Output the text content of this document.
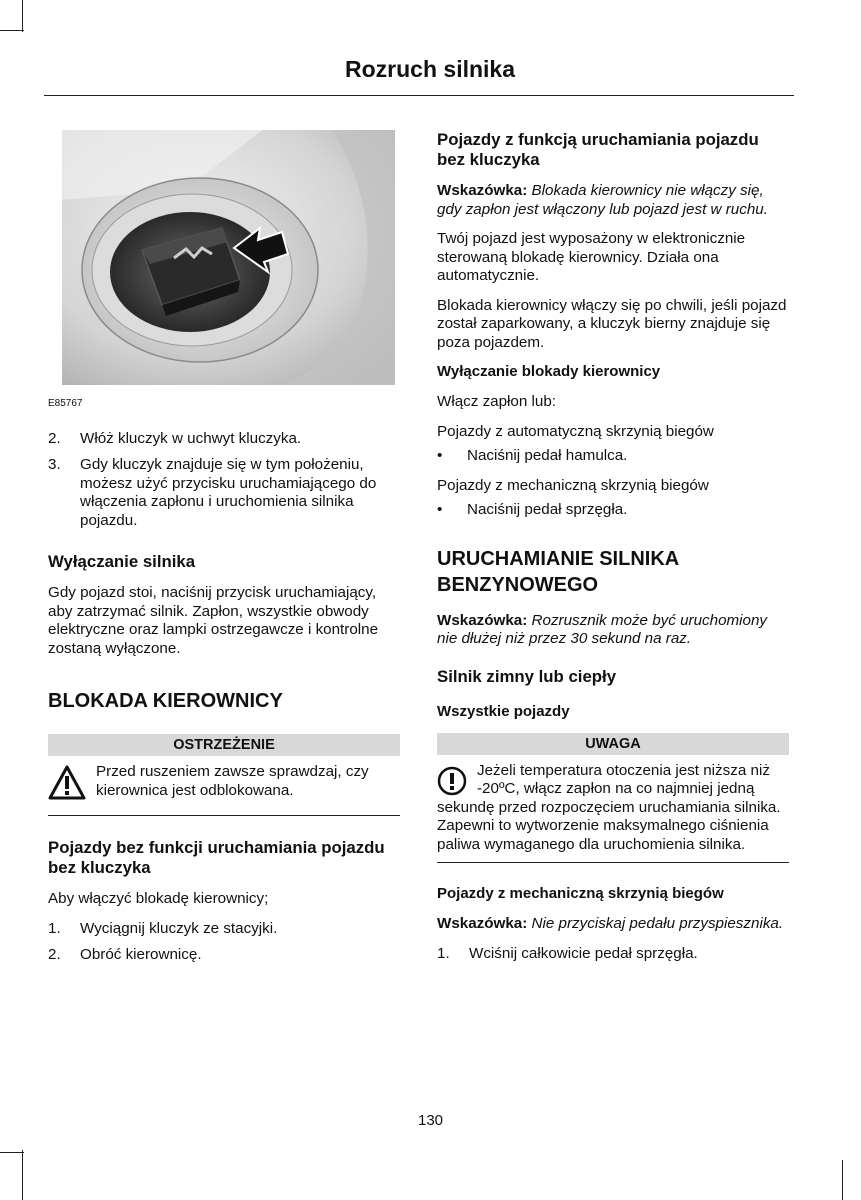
Rozruch silnika
E85767
2. Włóż kluczyk w uchwyt kluczyka.
3. Gdy kluczyk znajduje się w tym położeniu, możesz użyć przycisku uruchamiającego do włączenia zapłonu i uruchomienia silnika pojazdu.
Wyłączanie silnika

Gdy pojazd stoi, naciśnij przycisk uruchamiający, aby zatrzymać silnik. Zapłon, wszystkie obwody elektryczne oraz lampki ostrzegawcze i kontrolne zostaną wyłączone.

BLOKADA KIEROWNICY
OSTRZEŻENIE
Przed ruszeniem zawsze sprawdzaj, czy kierownica jest odblokowana.
Pojazdy bez funkcji uruchamiania pojazdu bez kluczyka

Aby włączyć blokadę kierownicy;

1. Wyciągnij kluczyk ze stacyjki.
2. Obróć kierownicę.
Pojazdy z funkcją uruchamiania pojazdu bez kluczyka

Wskazówka: Blokada kierownicy nie włączy się, gdy zapłon jest włączony lub pojazd jest w ruchu.

Twój pojazd jest wyposażony w elektronicznie sterowaną blokadę kierownicy. Działa ona automatycznie.

Blokada kierownicy włączy się po chwili, jeśli pojazd został zaparkowany, a kluczyk bierny znajduje się poza pojazdem.

Wyłączanie blokady kierownicy

Włącz zapłon lub:

Pojazdy z automatyczną skrzynią biegów

• Naciśnij pedał hamulca.

Pojazdy z mechaniczną skrzynią biegów

• Naciśnij pedał sprzęgła.
URUCHAMIANIE SILNIKA BENZYNOWEGO

Wskazówka: Rozrusznik może być uruchomiony nie dłużej niż przez 30 sekund na raz.

Silnik zimny lub ciepły
Wszystkie pojazdy
UWAGA
Jeżeli temperatura otoczenia jest niższa niż -20ºC, włącz zapłon na co najmniej jedną sekundę przed rozpoczęciem uruchamiania silnika. Zapewni to wytworzenie maksymalnego ciśnienia paliwa wymaganego dla uruchomienia silnika.
Pojazdy z mechaniczną skrzynią biegów

Wskazówka: Nie przyciskaj pedału przyspiesznika.

1. Wciśnij całkowicie pedał sprzęgła.
130
